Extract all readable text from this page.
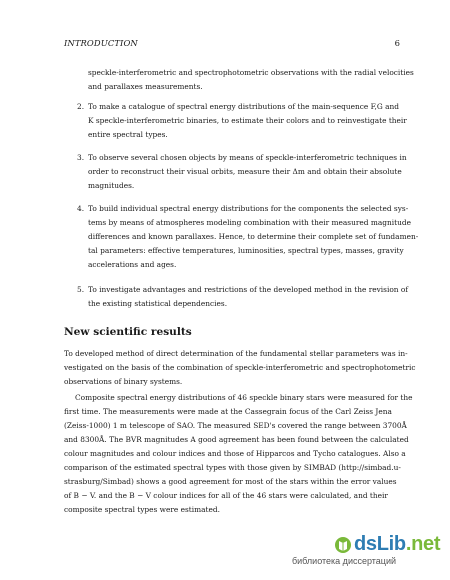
INTRODUCTION	6
speckle-interferometric and spectrophotometric observations with the radial velocities
and parallaxes measurements.
2. To make a catalogue of spectral energy distributions of the main-sequence F,G and
K speckle-interferometric binaries, to estimate their colors and to reinvestigate their
entire spectral types.
3. To observe several chosen objects by means of speckle-interferometric techniques in
order to reconstruct their visual orbits, measure their Δm and obtain their absolute
magnitudes.
4. To build individual spectral energy distributions for the components the selected sys-
tems by means of atmospheres modeling combination with their measured magnitude
differences and known parallaxes. Hence, to determine their complete set of fundamen-
tal parameters: effective temperatures, luminosities, spectral types, masses, gravity
accelerations and ages.
5. To investigate advantages and restrictions of the developed method in the revision of
the existing statistical dependencies.
New scientific results
To developed method of direct determination of the fundamental stellar parameters was in-
vestigated on the basis of the combination of speckle-interferometric and spectrophotometric
observations of binary systems.
Composite spectral energy distributions of 46 speckle binary stars were measured for the
first time. The measurements were made at the Cassegrain focus of the Carl Zeiss Jena
(Zeiss-1000) 1 m telescope of SAO. The measured SED's covered the range between 3700Å
and 8300Å. The BVR magnitudes A good agreement has been found between the calculated
colour magnitudes and colour indices and those of Hipparcos and Tycho catalogues. Also a
comparison of the estimated spectral types with those given by SIMBAD (http://simbad.u-
strasburg/Simbad) shows a good agreement for most of the stars within the error values
of B − V. and the B − V colour indices for all of the 46 stars were calculated, and their
composite spectral types were estimated.
dsLib.net
библиотека диссертаций
